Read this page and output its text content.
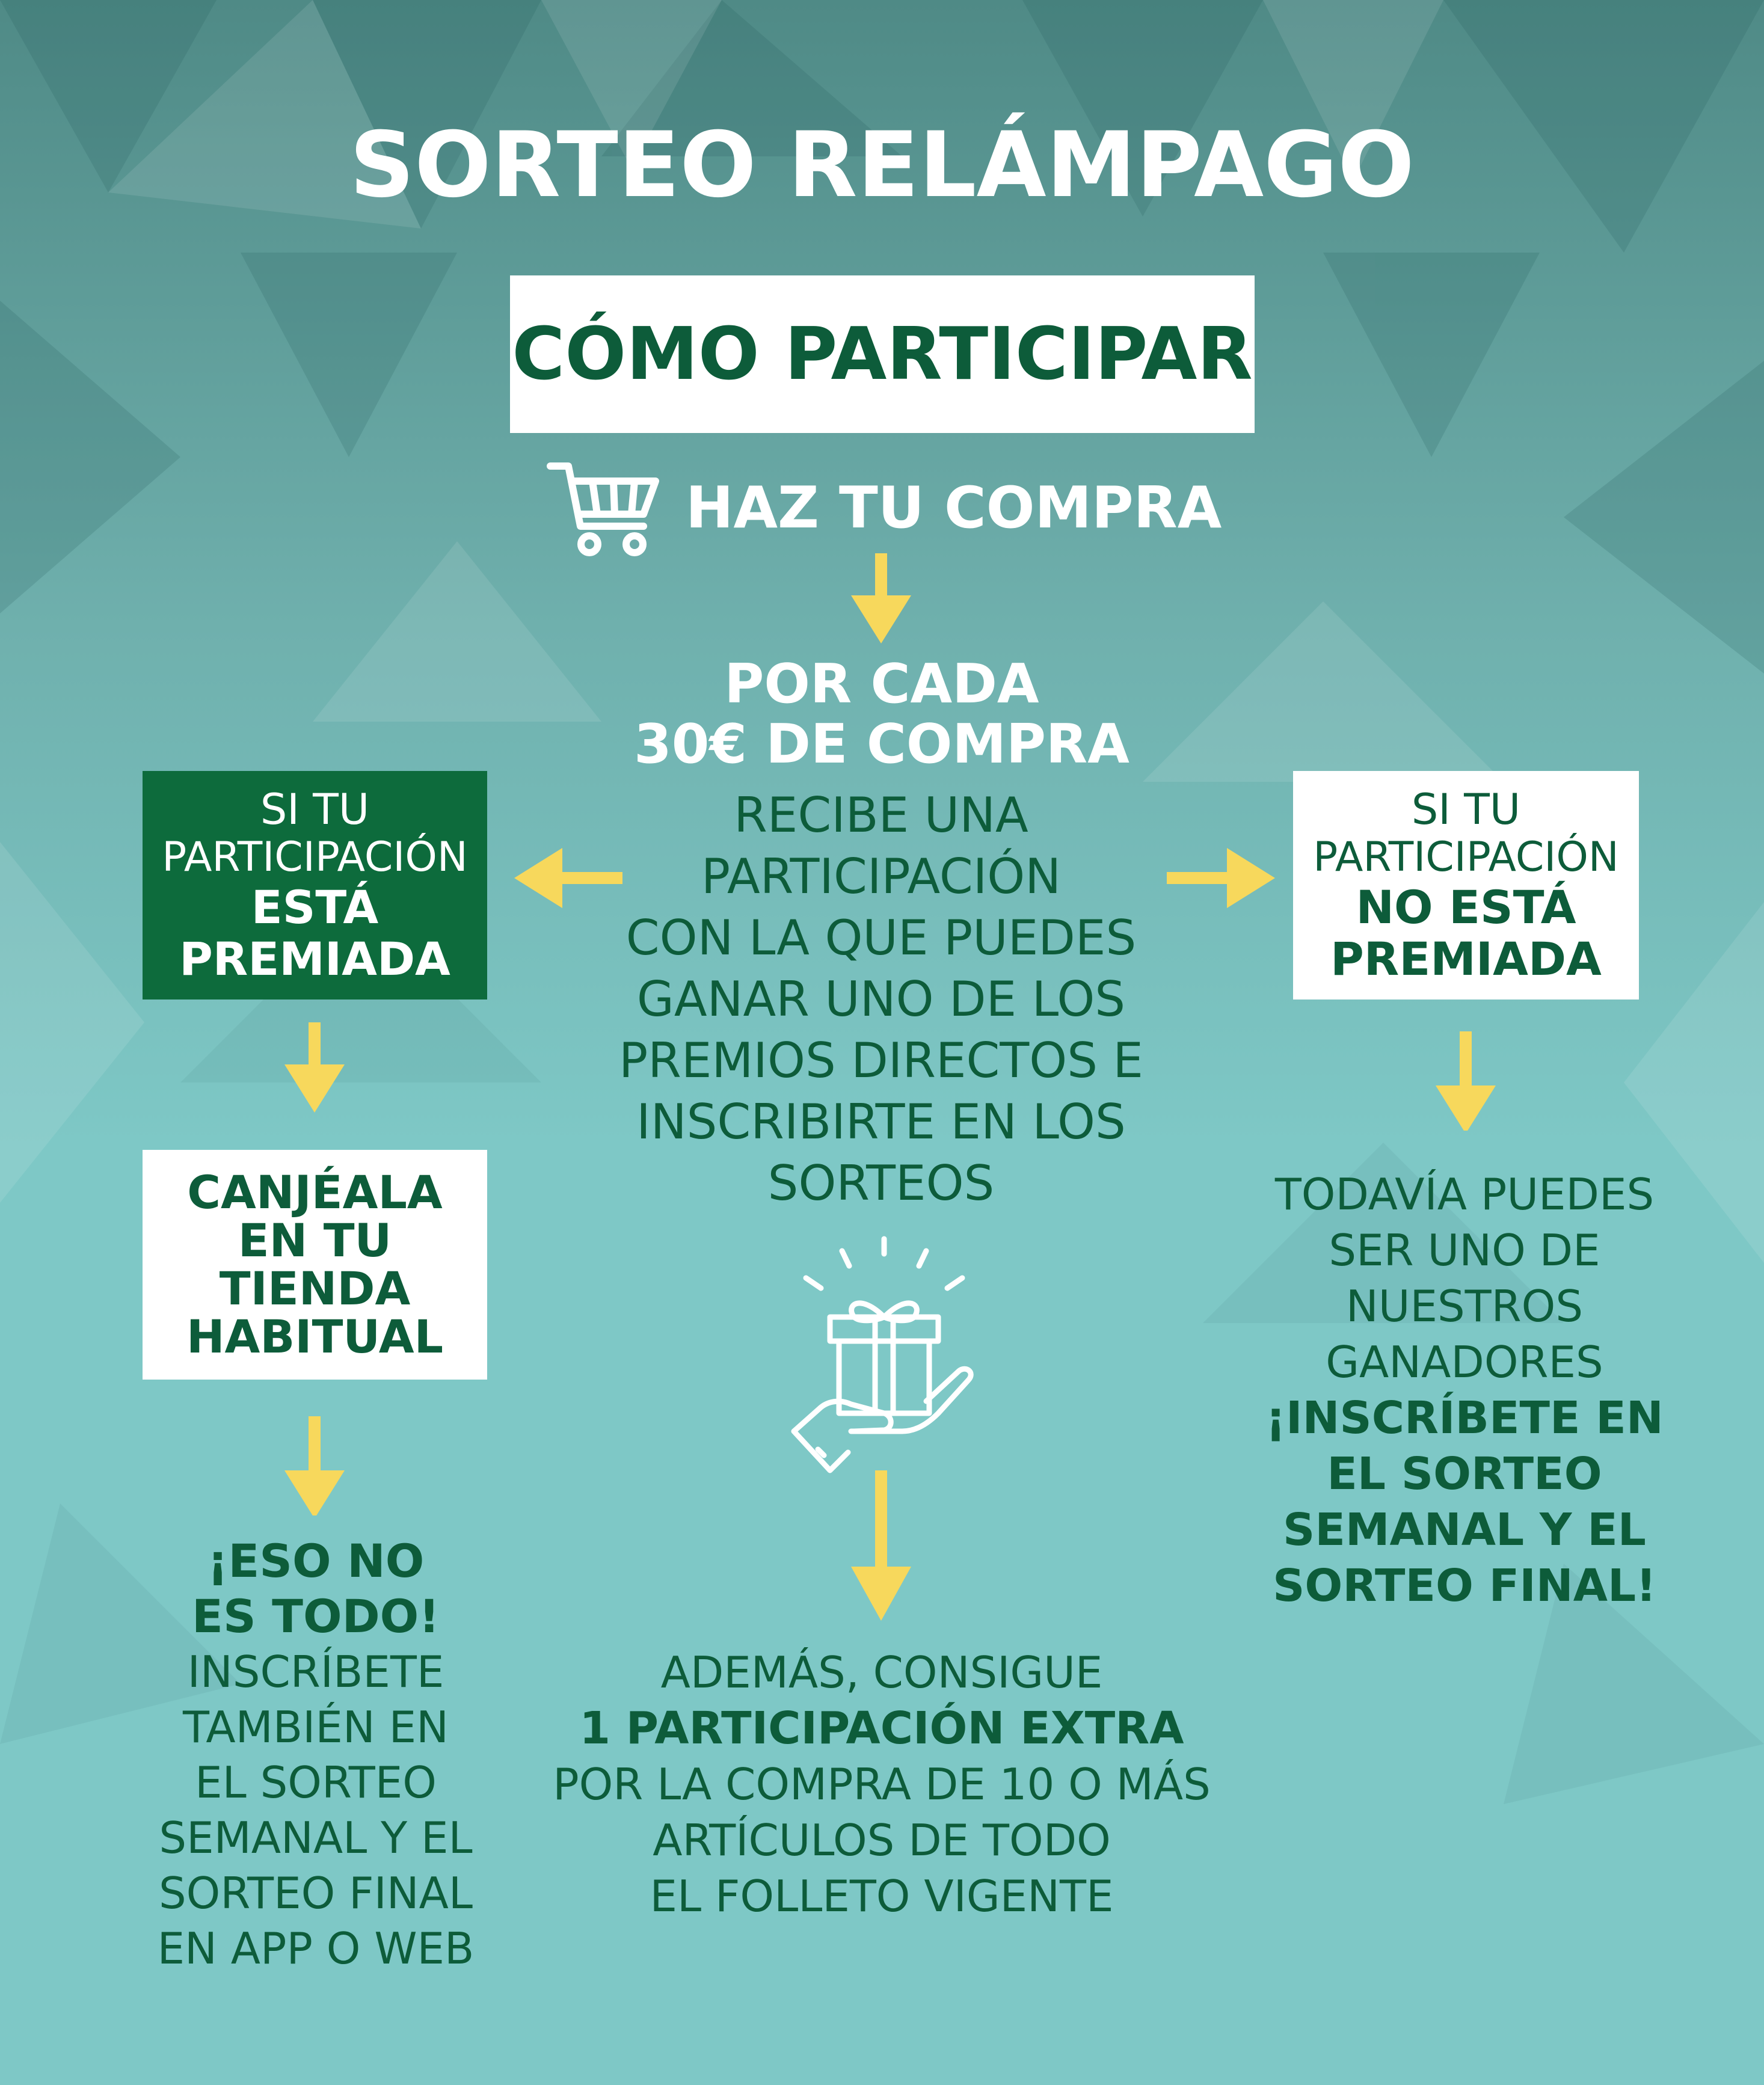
SORTEO RELÁMPAGO
CÓMO PARTICIPAR
HAZ TU COMPRA
POR CADA
30€ DE COMPRA
RECIBE UNA
PARTICIPACIÓN
CON LA QUE PUEDES
GANAR UNO DE LOS
PREMIOS DIRECTOS E
INSCRIBIRTE EN LOS
SORTEOS
SI TU
PARTICIPACIÓN
ESTÁ
PREMIADA
SI TU
PARTICIPACIÓN
NO ESTÁ
PREMIADA
CANJÉALA
EN TU
TIENDA
HABITUAL
¡ESO NO
ES TODO!
INSCRÍBETE
TAMBIÉN EN
EL SORTEO
SEMANAL Y EL
SORTEO FINAL
EN APP O WEB
TODAVÍA PUEDES
SER UNO DE
NUESTROS
GANADORES
¡INSCRÍBETE EN
EL SORTEO
SEMANAL Y EL
SORTEO FINAL!
ADEMÁS, CONSIGUE
1 PARTICIPACIÓN EXTRA
POR LA COMPRA DE 10 O MÁS
ARTÍCULOS DE TODO
EL FOLLETO VIGENTE
